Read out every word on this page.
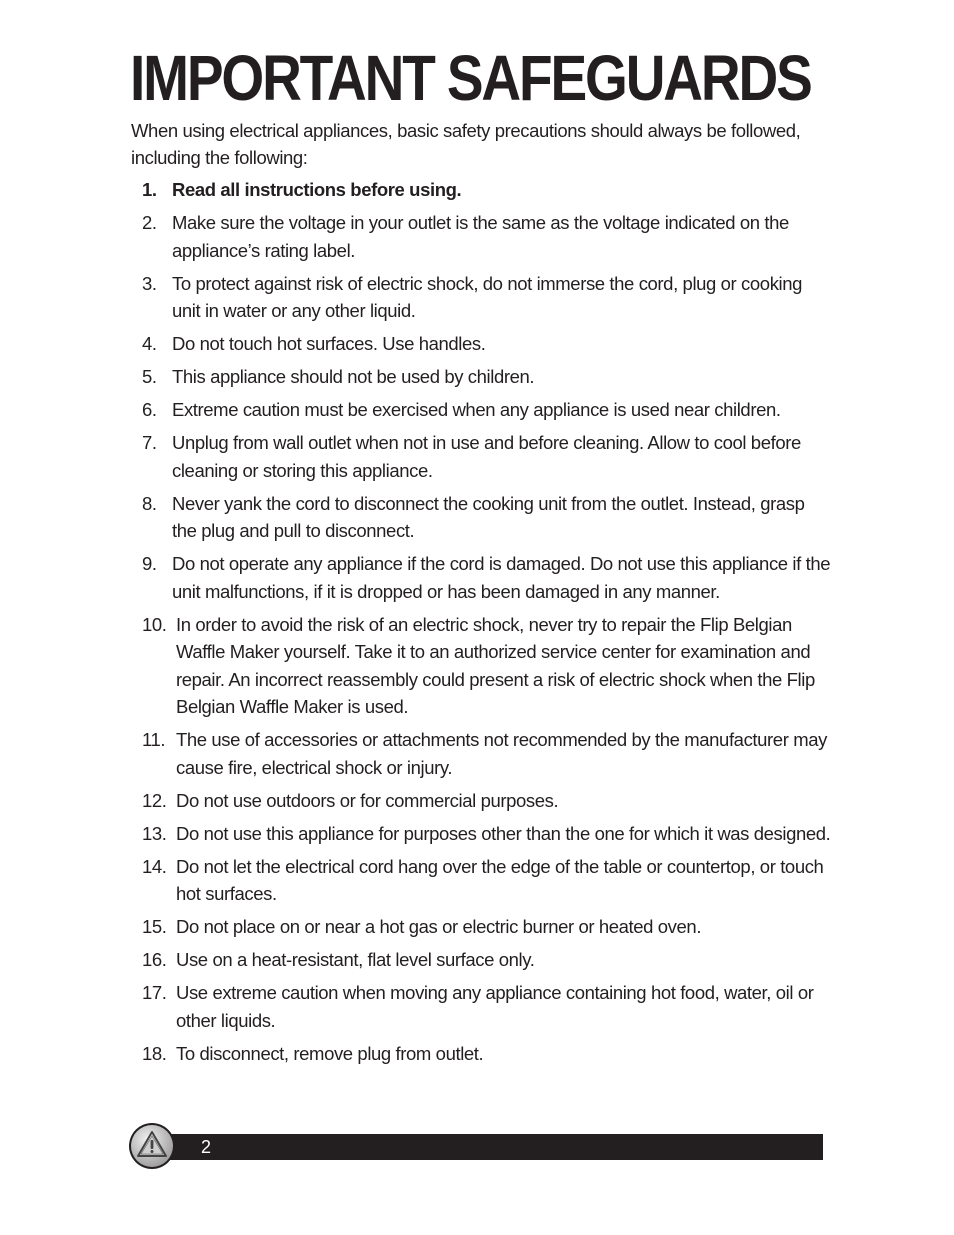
IMPORTANT SAFEGUARDS

When using electrical appliances, basic safety precautions should always be followed, including the following:

1. Read all instructions before using.
2. Make sure the voltage in your outlet is the same as the voltage indicated on the appliance’s rating label.
3. To protect against risk of electric shock, do not immerse the cord, plug or cooking unit in water or any other liquid.
4. Do not touch hot surfaces. Use handles.
5. This appliance should not be used by children.
6. Extreme caution must be exercised when any appliance is used near children.
7. Unplug from wall outlet when not in use and before cleaning. Allow to cool before cleaning or storing this appliance.
8. Never yank the cord to disconnect the cooking unit from the outlet. Instead, grasp the plug and pull to disconnect.
9. Do not operate any appliance if the cord is damaged. Do not use this appliance if the unit malfunctions, if it is dropped or has been damaged in any manner.
10. In order to avoid the risk of an electric shock, never try to repair the Flip Belgian Waffle Maker yourself. Take it to an authorized service center for examination and repair. An incorrect reassembly could present a risk of electric shock when the Flip Belgian Waffle Maker is used.
11. The use of accessories or attachments not recommended by the manufacturer may cause fire, electrical shock or injury.
12. Do not use outdoors or for commercial purposes.
13. Do not use this appliance for purposes other than the one for which it was designed.
14. Do not let the electrical cord hang over the edge of the table or countertop, or touch hot surfaces.
15. Do not place on or near a hot gas or electric burner or heated oven.
16. Use on a heat-resistant, flat level surface only.
17. Use extreme caution when moving any appliance containing hot food, water, oil or other liquids.
18. To disconnect, remove plug from outlet.
2
